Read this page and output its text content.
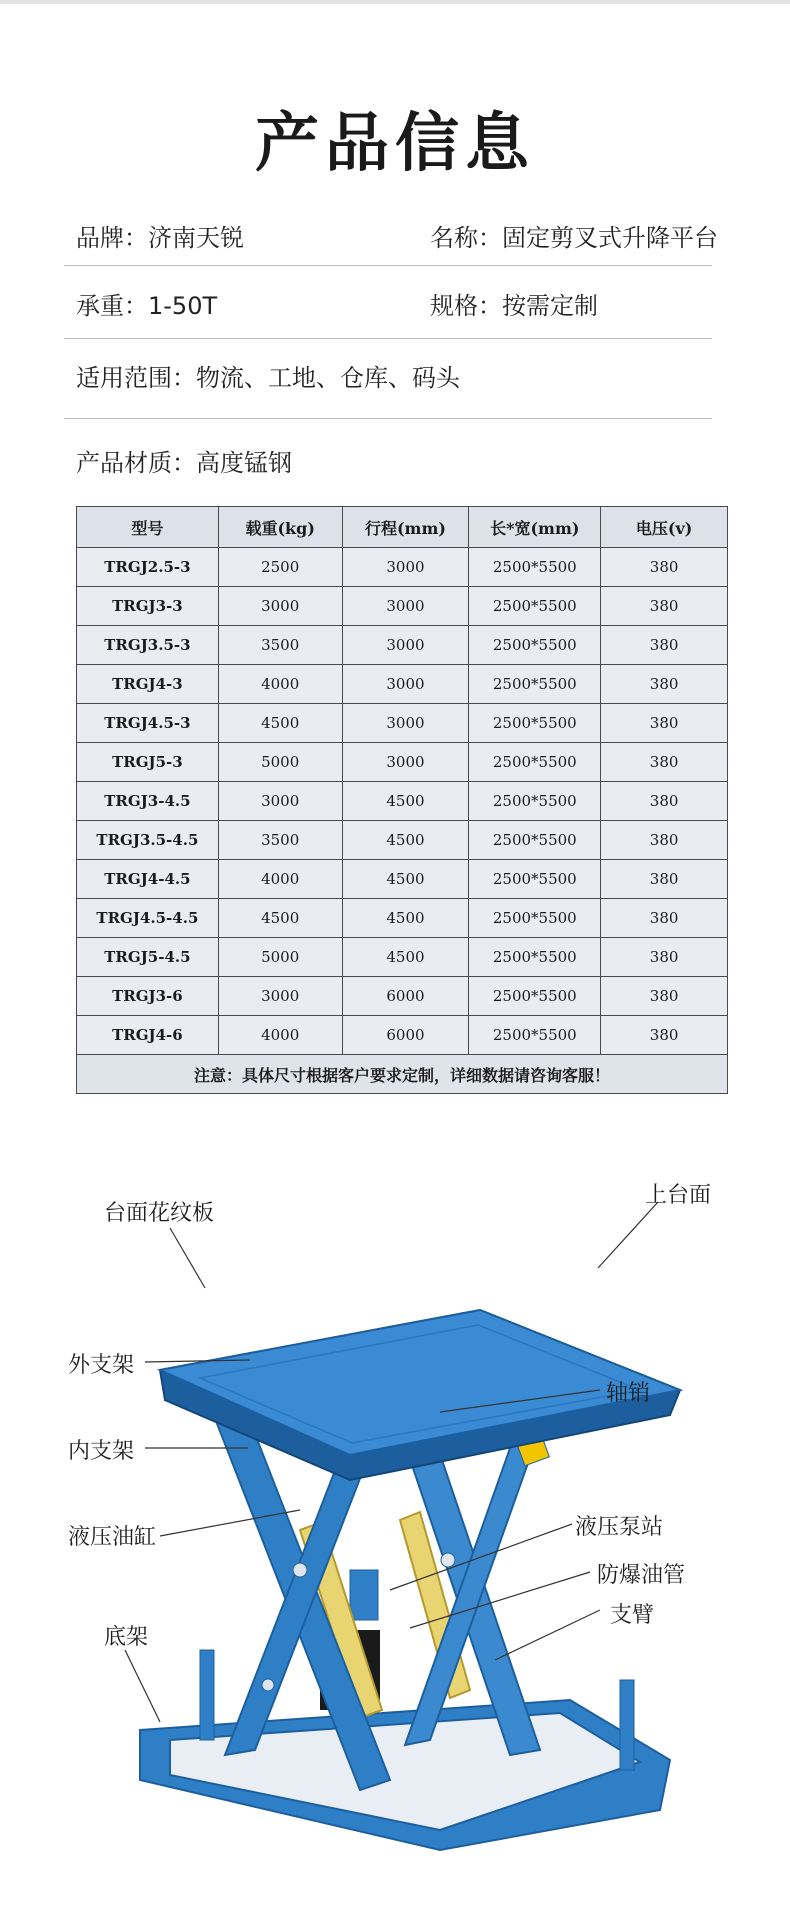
产品信息
品牌：济南天锐	名称：固定剪叉式升降平台
承重：1-50T	规格：按需定制
适用范围：物流、工地、仓库、码头
产品材质：高度锰钢
型号	载重(kg)	行程(mm)	长*宽(mm)	电压(v)
TRGJ2.5-3	2500	3000	2500*5500	380
TRGJ3-3	3000	3000	2500*5500	380
TRGJ3.5-3	3500	3000	2500*5500	380
TRGJ4-3	4000	3000	2500*5500	380
TRGJ4.5-3	4500	3000	2500*5500	380
TRGJ5-3	5000	3000	2500*5500	380
TRGJ3-4.5	3000	4500	2500*5500	380
TRGJ3.5-4.5	3500	4500	2500*5500	380
TRGJ4-4.5	4000	4500	2500*5500	380
TRGJ4.5-4.5	4500	4500	2500*5500	380
TRGJ5-4.5	5000	4500	2500*5500	380
TRGJ3-6	3000	6000	2500*5500	380
TRGJ4-6	4000	6000	2500*5500	380
注意：具体尺寸根据客户要求定制，详细数据请咨询客服！				
台面花纹板
上台面
外支架
轴销
内支架
液压泵站
液压油缸
防爆油管
支臂
底架
